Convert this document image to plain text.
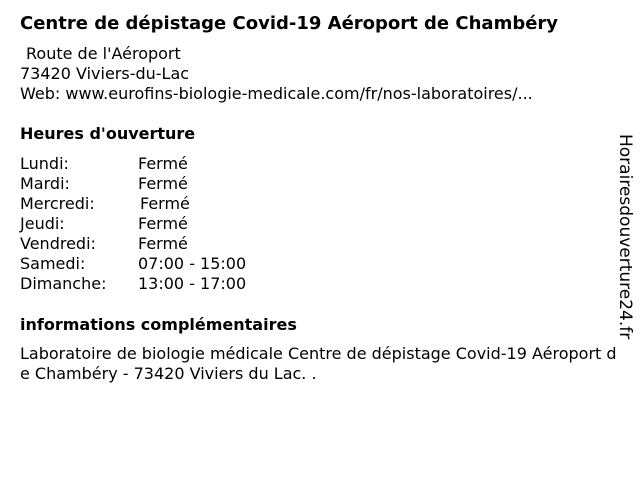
Centre de dépistage Covid-19 Aéroport de Chambéry
Route de l'Aéroport
73420 Viviers-du-Lac
Web: www.eurofins-biologie-medicale.com/fr/nos-laboratoires/...
Heures d'ouverture
Lundi:	Fermé
Mardi:	Fermé
Mercredi:	Fermé
Jeudi:	Fermé
Vendredi:	Fermé
Samedi:	07:00 - 15:00
Dimanche:	13:00 - 17:00
informations complémentaires
Laboratoire de biologie médicale Centre de dépistage Covid-19 Aéroport de Chambéry - 73420 Viviers du Lac. .
Horairesdouverture24.fr
